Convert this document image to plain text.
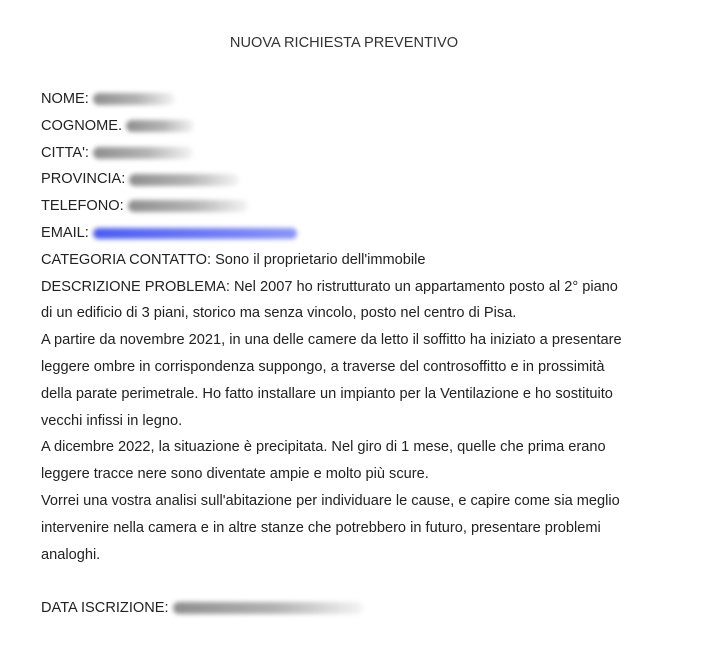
NUOVA RICHIESTA PREVENTIVO
NOME:
COGNOME.
CITTA':
PROVINCIA:
TELEFONO:
EMAIL:
CATEGORIA CONTATTO: Sono il proprietario dell'immobile
DESCRIZIONE PROBLEMA: Nel 2007 ho ristrutturato un appartamento posto al 2° piano
di un edificio di 3 piani, storico ma senza vincolo, posto nel centro di Pisa.
A partire da novembre 2021, in una delle camere da letto il soffitto ha iniziato a presentare
leggere ombre in corrispondenza suppongo, a traverse del controsoffitto e in prossimità
della parate perimetrale. Ho fatto installare un impianto per la Ventilazione e ho sostituito
vecchi infissi in legno.
A dicembre 2022, la situazione è precipitata. Nel giro di 1 mese, quelle che prima erano
leggere tracce nere sono diventate ampie e molto più scure.
Vorrei una vostra analisi sull'abitazione per individuare le cause, e capire come sia meglio
intervenire nella camera e in altre stanze che potrebbero in futuro, presentare problemi
analoghi.
DATA ISCRIZIONE:
